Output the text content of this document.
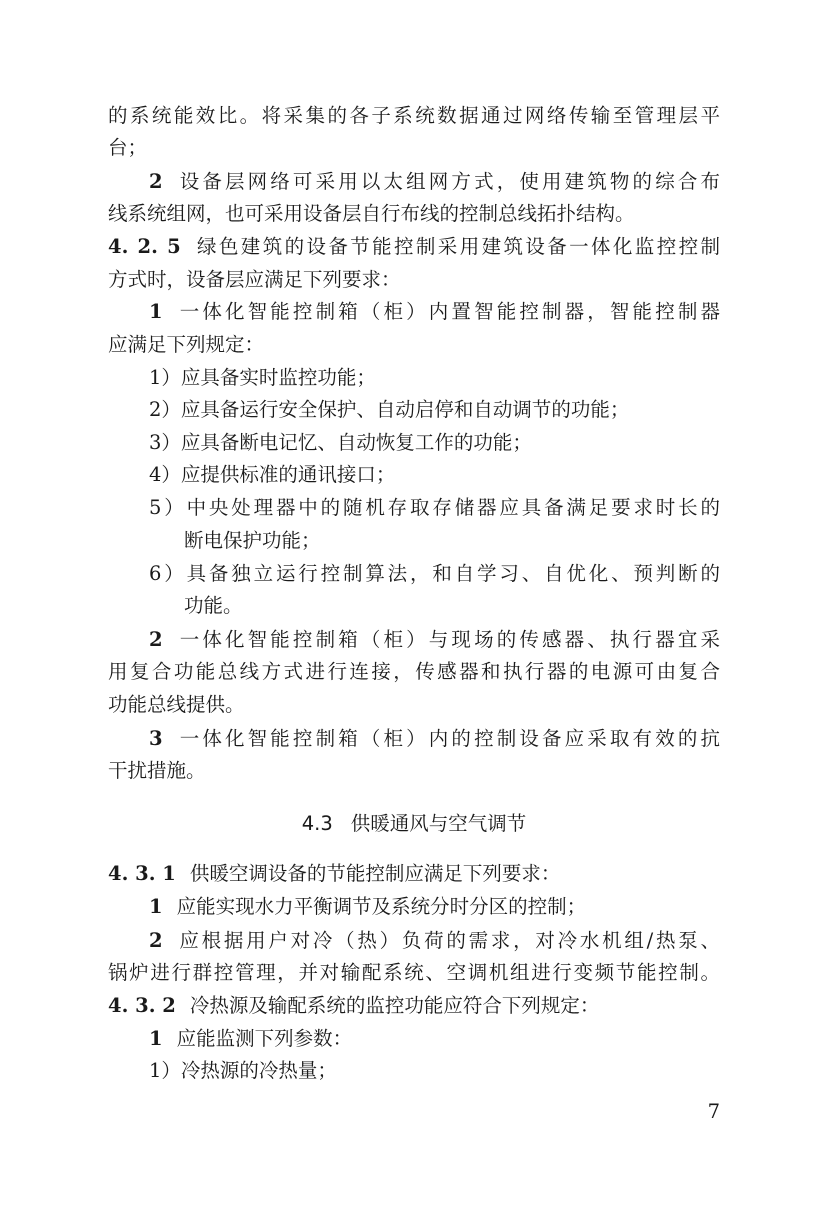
的系统能效比。将采集的各子系统数据通过网络传输至管理层平
台；
2 设备层网络可采用以太组网方式，使用建筑物的综合布
线系统组网，也可采用设备层自行布线的控制总线拓扑结构。
4. 2. 5 绿色建筑的设备节能控制采用建筑设备一体化监控控制
方式时，设备层应满足下列要求：
1 一体化智能控制箱（柜）内置智能控制器，智能控制器
应满足下列规定：
1）应具备实时监控功能；
2）应具备运行安全保护、自动启停和自动调节的功能；
3）应具备断电记忆、自动恢复工作的功能；
4）应提供标准的通讯接口；
5）中央处理器中的随机存取存储器应具备满足要求时长的
断电保护功能；
6）具备独立运行控制算法，和自学习、自优化、预判断的
功能。
2 一体化智能控制箱（柜）与现场的传感器、执行器宜采
用复合功能总线方式进行连接，传感器和执行器的电源可由复合
功能总线提供。
3 一体化智能控制箱（柜）内的控制设备应采取有效的抗
干扰措施。
4.3 供暖通风与空气调节
4. 3. 1 供暖空调设备的节能控制应满足下列要求：
1 应能实现水力平衡调节及系统分时分区的控制；
2 应根据用户对冷（热）负荷的需求，对冷水机组/热泵、
锅炉进行群控管理，并对输配系统、空调机组进行变频节能控制。
4. 3. 2 冷热源及输配系统的监控功能应符合下列规定：
1 应能监测下列参数：
1）冷热源的冷热量；
7
